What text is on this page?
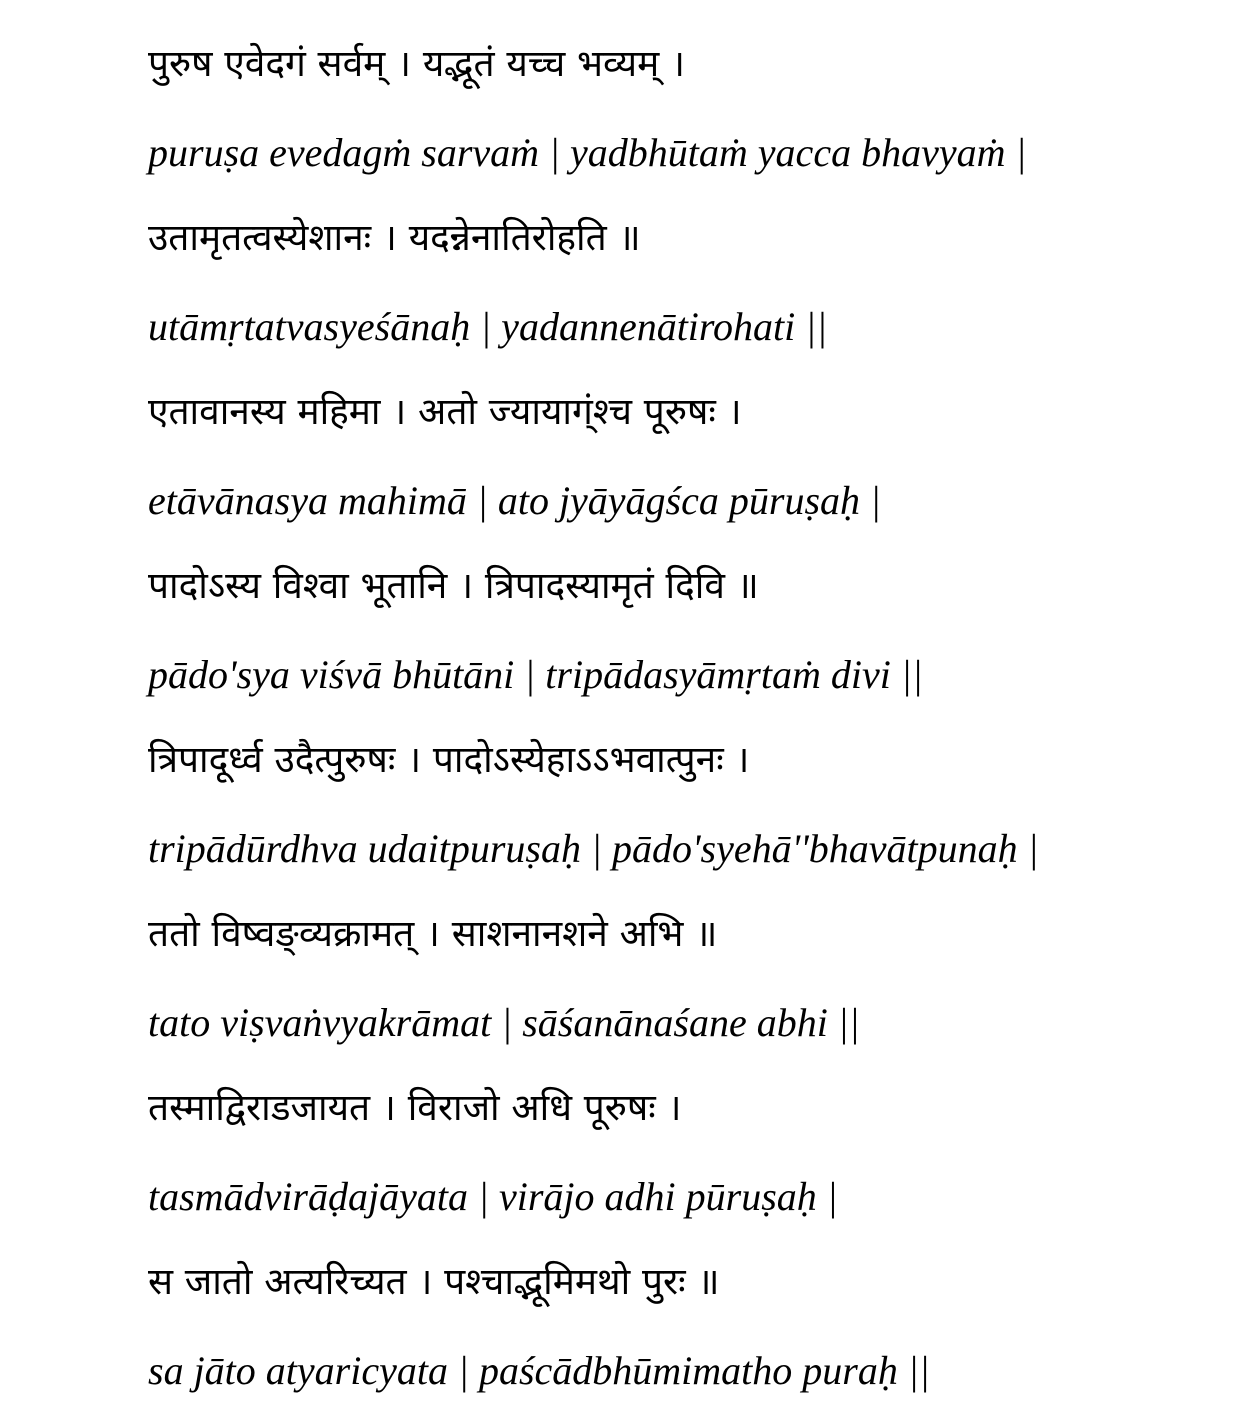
पुरुष एवेदगं सर्वम् । यद्भूतं यच्च भव्यम् ।
puruṣa evedagṁ sarvaṁ | yadbhūtaṁ yacca bhavyaṁ |
उतामृतत्वस्येशानः । यदन्नेनातिरोहति ॥
utāmṛtatvasyeśānaḥ | yadannenātirohati ||
एतावानस्य महिमा । अतो ज्यायाग्ंश्च पूरुषः ।
etāvānasya mahimā | ato jyāyāgśca pūruṣaḥ |
पादोऽस्य विश्वा भूतानि । त्रिपादस्यामृतं दिवि ॥
pādo'sya viśvā bhūtāni | tripādasyāmṛtaṁ divi ||
त्रिपादूर्ध्व उदैत्पुरुषः । पादोऽस्येहाऽऽभवात्पुनः ।
tripādūrdhva udaitpuruṣaḥ | pādo'syehā''bhavātpunaḥ |
ततो विष्वङ्व्यक्रामत् । साशनानशने अभि ॥
tato viṣvaṅvyakrāmat | sāśanānaśane abhi ||
तस्माद्विराडजायत । विराजो अधि पूरुषः ।
tasmādvirāḍajāyata | virājo adhi pūruṣaḥ |
स जातो अत्यरिच्यत । पश्चाद्भूमिमथो पुरः ॥
sa jāto atyaricyata | paścādbhūmimatho puraḥ ||
